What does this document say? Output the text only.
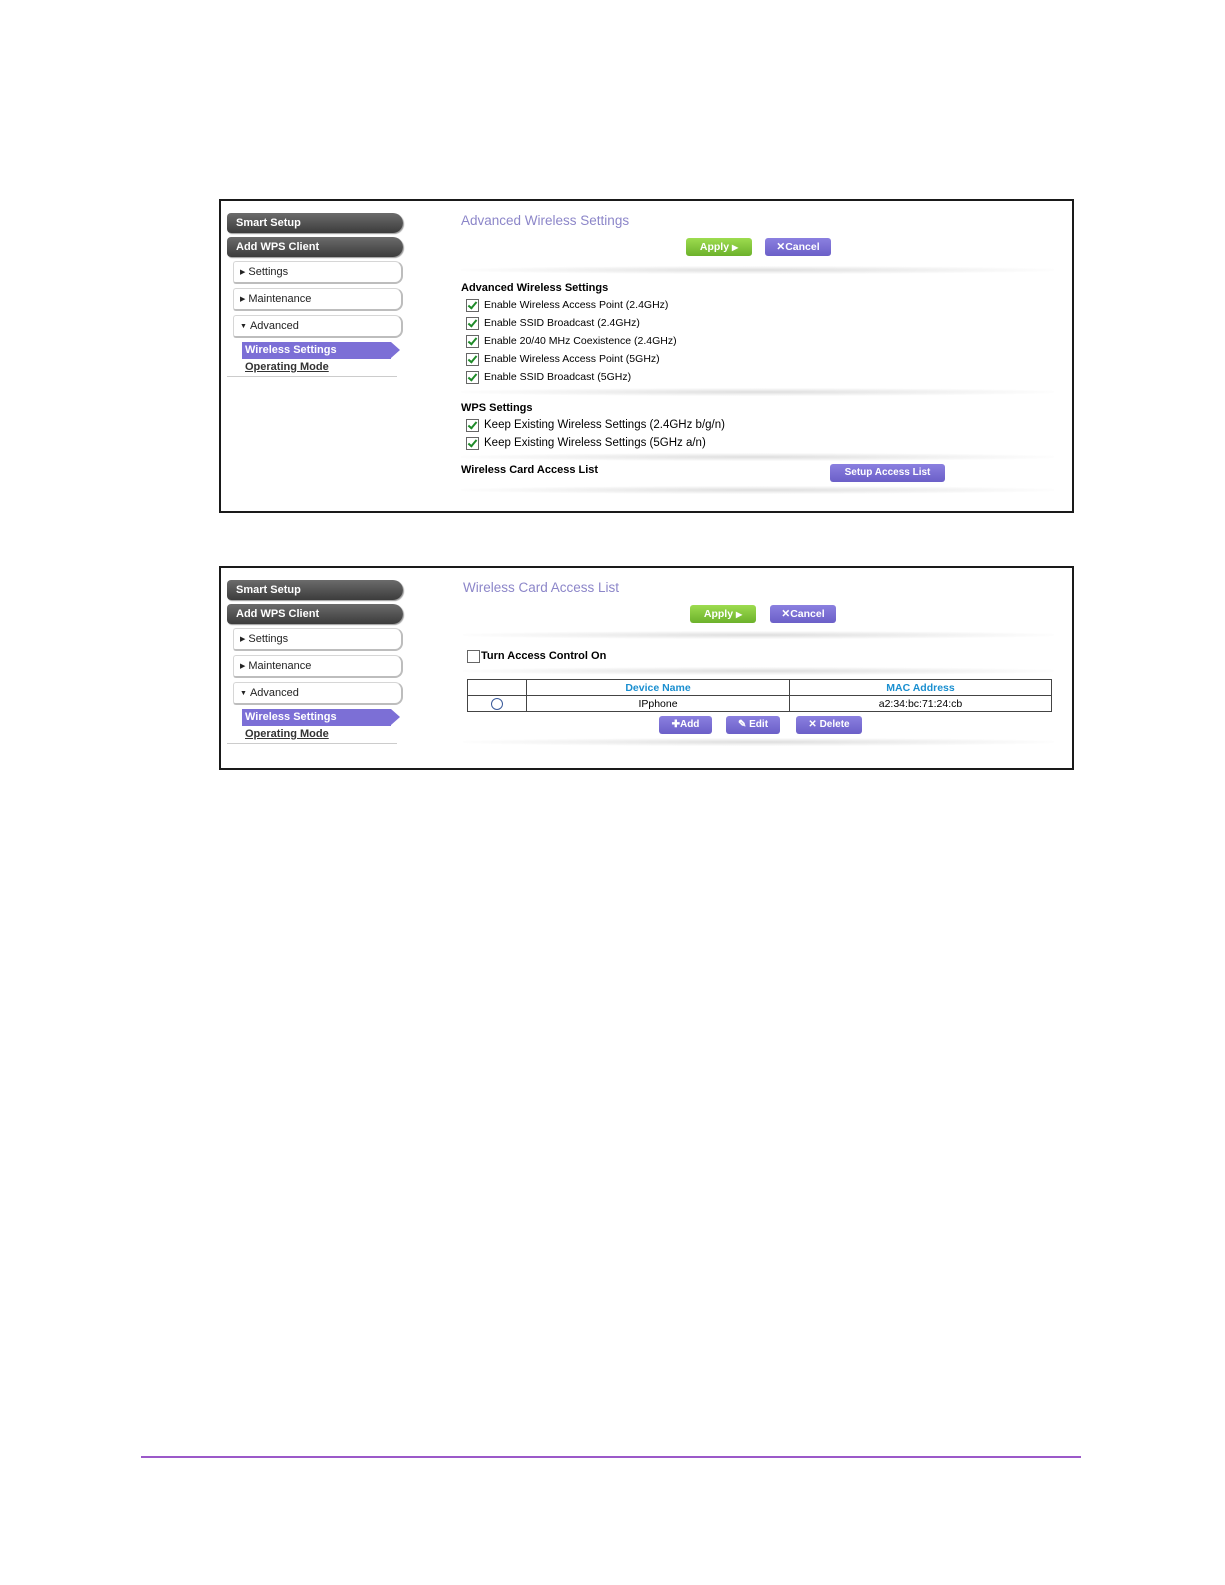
Smart Setup
Add WPS Client
▶ Settings
▶ Maintenance
▼ Advanced
Wireless Settings
Operating Mode
Advanced Wireless Settings
Apply ▶	✕Cancel
Advanced Wireless Settings
Enable Wireless Access Point (2.4GHz)
Enable SSID Broadcast (2.4GHz)
Enable 20/40 MHz Coexistence (2.4GHz)
Enable Wireless Access Point (5GHz)
Enable SSID Broadcast (5GHz)
WPS Settings
Keep Existing Wireless Settings (2.4GHz b/g/n)
Keep Existing Wireless Settings (5GHz a/n)
Wireless Card Access List	Setup Access List
Smart Setup
Add WPS Client
▶ Settings
▶ Maintenance
▼ Advanced
Wireless Settings
Operating Mode
Wireless Card Access List
Apply ▶	✕Cancel
Turn Access Control On
	Device Name	MAC Address
	IPphone	a2:34:bc:71:24:cb
✚Add	✎ Edit	✕ Delete
